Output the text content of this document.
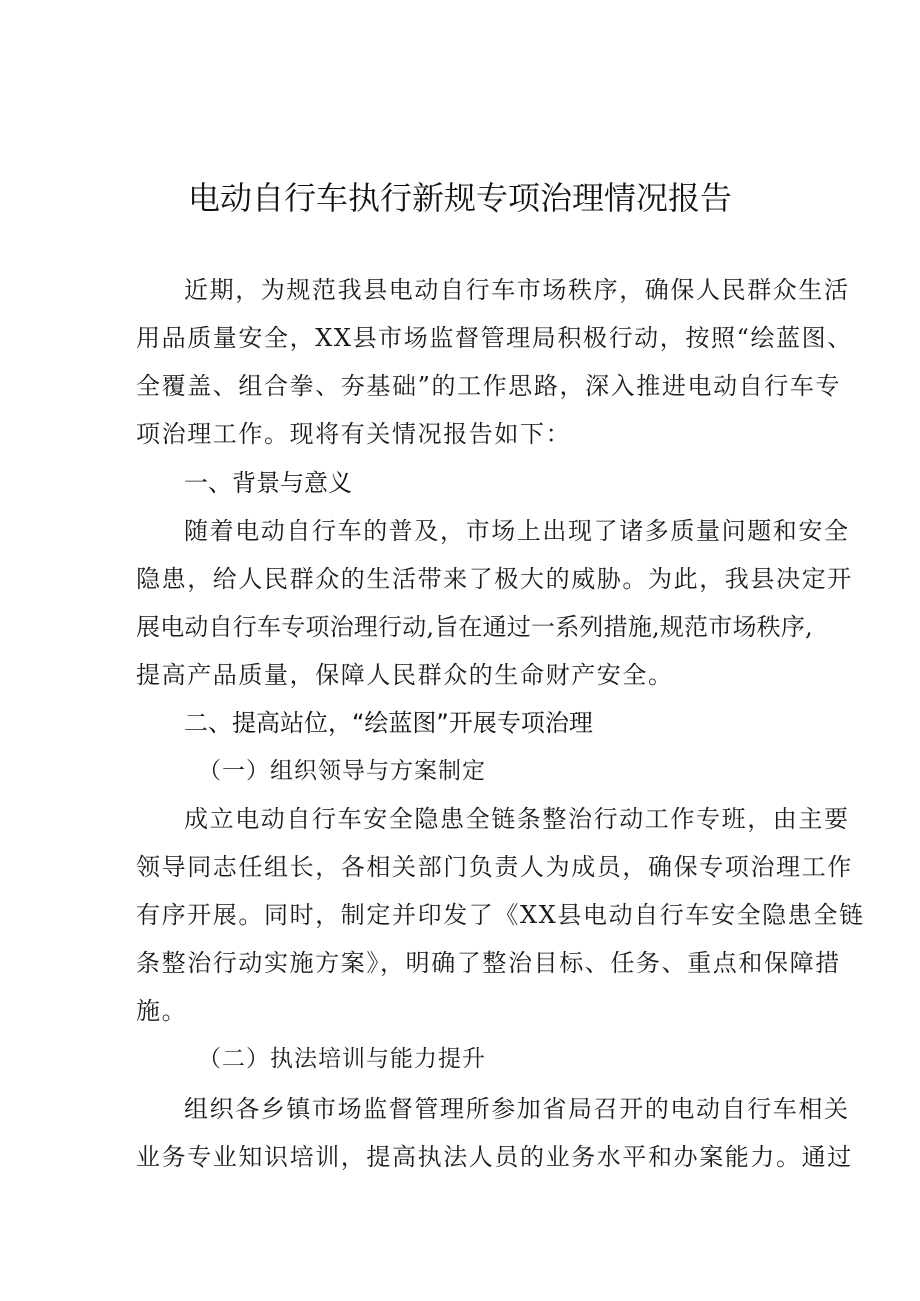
电动自行车执行新规专项治理情况报告
近期，为规范我县电动自行车市场秩序，确保人民群众生活
用品质量安全，XX县市场监督管理局积极行动，按照“绘蓝图、
全覆盖、组合拳、夯基础”的工作思路，深入推进电动自行车专
项治理工作。现将有关情况报告如下：
一、背景与意义
随着电动自行车的普及，市场上出现了诸多质量问题和安全
隐患，给人民群众的生活带来了极大的威胁。为此，我县决定开
展电动自行车专项治理行动,旨在通过一系列措施,规范市场秩序,
提高产品质量，保障人民群众的生命财产安全。
二、提高站位，“绘蓝图”开展专项治理
（一）组织领导与方案制定
成立电动自行车安全隐患全链条整治行动工作专班，由主要
领导同志任组长，各相关部门负责人为成员，确保专项治理工作
有序开展。同时，制定并印发了《XX县电动自行车安全隐患全链
条整治行动实施方案》，明确了整治目标、任务、重点和保障措
施。
（二）执法培训与能力提升
组织各乡镇市场监督管理所参加省局召开的电动自行车相关
业务专业知识培训，提高执法人员的业务水平和办案能力。通过
